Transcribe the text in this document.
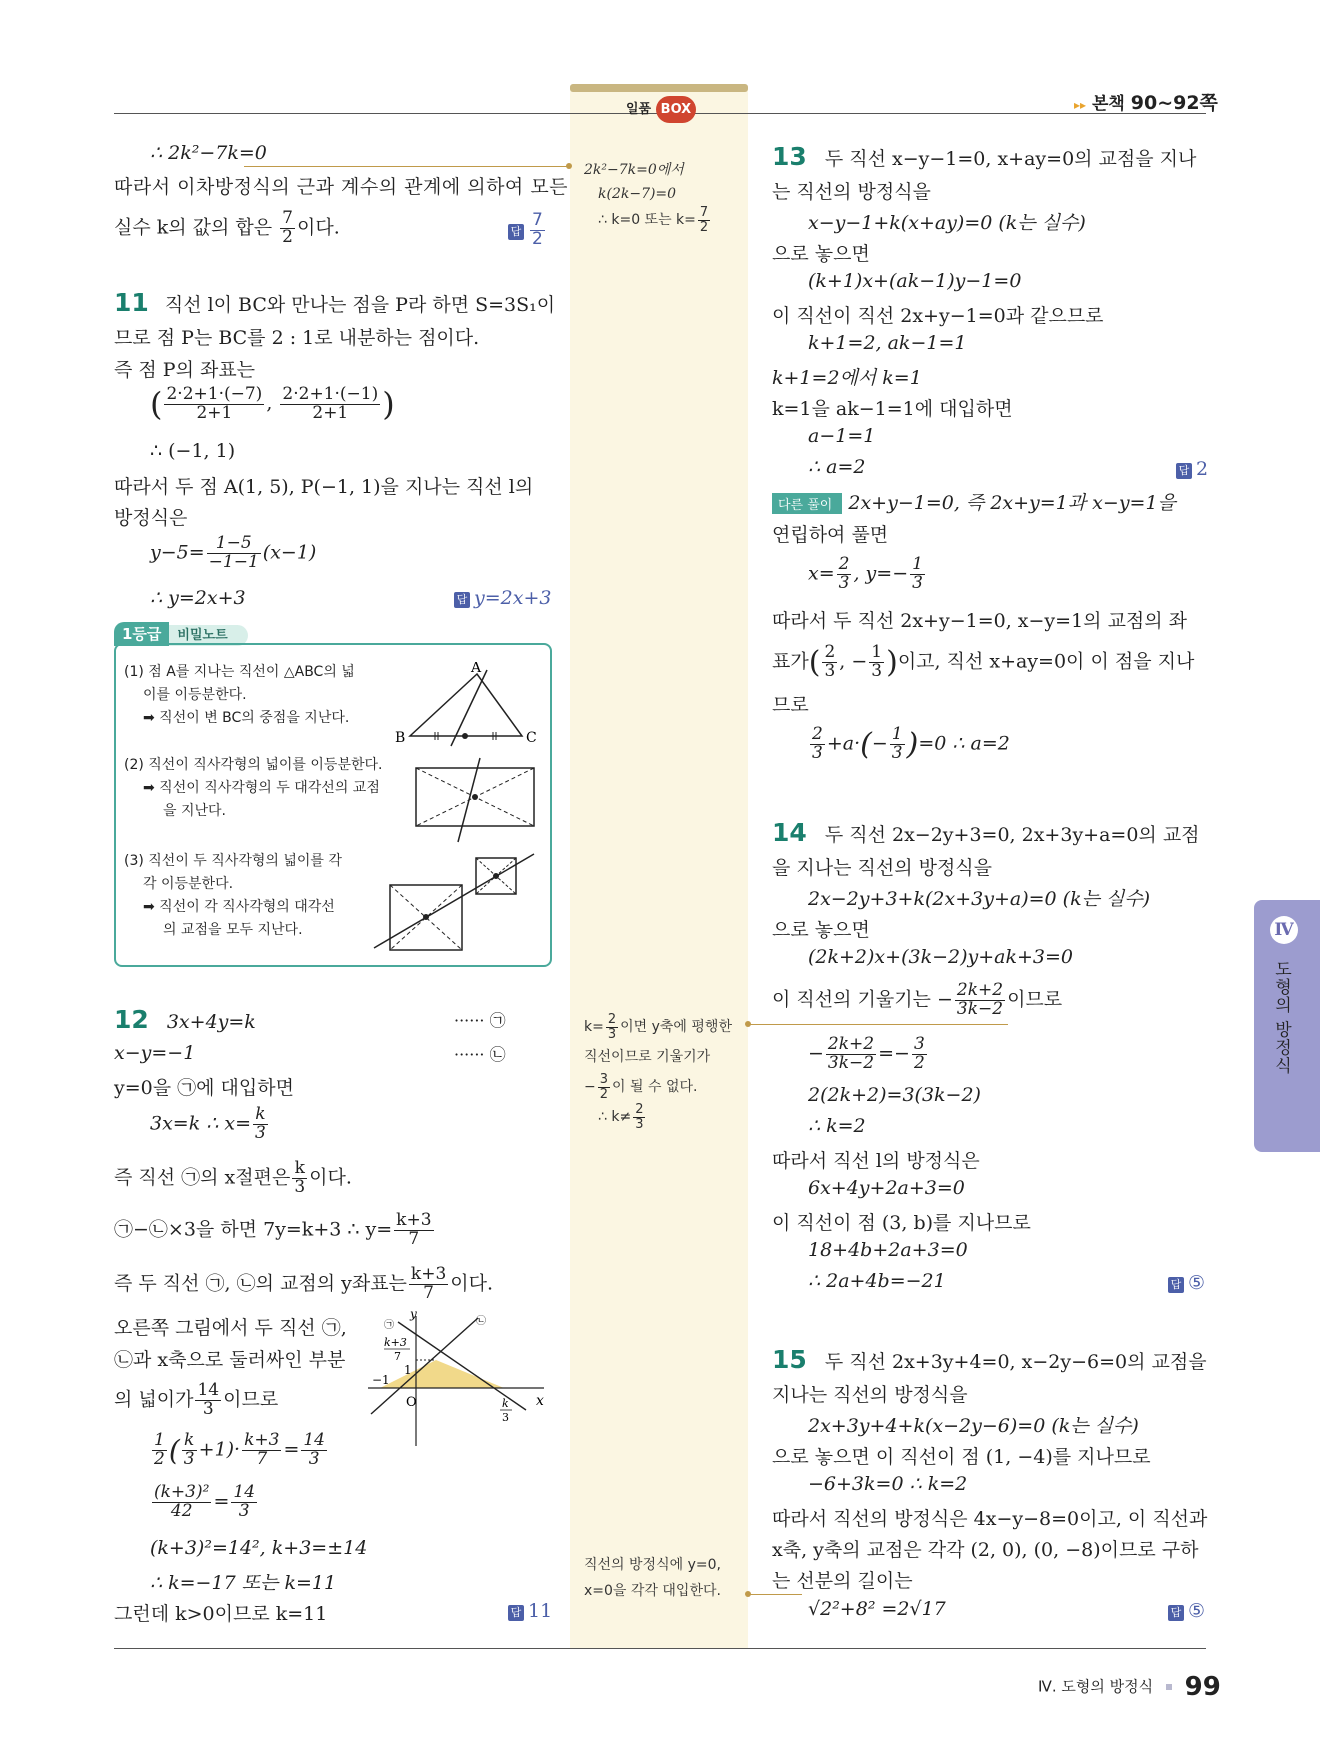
일품 BOX	▸▸ 본책 90~92쪽
∴ 2k²−7k=0
따라서 이차방정식의 근과 계수의 관계에 의하여 모든
실수 k의 값의 합은 $\frac{7}{2}$ 이다.	답 $\frac{7}{2}$
11 직선 l이 BC와 만나는 점을 P라 하면 S=3S₁이
므로 점 P는 BC를 2 : 1로 내분하는 점이다.
즉 점 P의 좌표는
( $\frac{2\cdot 2+1\cdot(-7)}{2+1}$ , $\frac{2\cdot 2+1\cdot(-1)}{2+1}$ )
∴ (−1, 1)
따라서 두 점 A(1, 5), P(−1, 1)을 지나는 직선 l의
방정식은
$y-5= \frac{1-5}{-1-1} (x-1)$
∴ y=2x+3	답 y=2x+3
1등급 비밀노트
(1) 점 A를 지나는 직선이 △ABC의 넓
이를 이등분한다.
➡ 직선이 변 BC의 중점을 지난다.
(2) 직선이 직사각형의 넓이를 이등분한다.
➡ 직선이 직사각형의 두 대각선의 교점
을 지난다.
(3) 직선이 두 직사각형의 넓이를 각
각 이등분한다.
➡ 직선이 각 직사각형의 대각선
의 교점을 모두 지난다.
A
B	C
12 3x+4y=k	······ ㉠
x−y=−1	······ ㉡
y=0을 ㉠에 대입하면
3x=k ∴ $x= \frac{k}{3}$
즉 직선 ㉠의 x절편은 $\frac{k}{3}$ 이다.
㉠−㉡×3을 하면 7y=k+3 ∴ $y= \frac{k+3}{7}$
즉 두 직선 ㉠, ㉡의 교점의 y좌표는 $\frac{k+3}{7}$ 이다.
오른쪽 그림에서 두 직선 ㉠,
㉡과 x축으로 둘러싸인 부분
의 넓이가 $\frac{14}{3}$ 이므로
$\frac{1}{2}$ ( $\frac{k}{3} +1)\cdot \frac{k+3}{7} = \frac{14}{3}$
$\frac{\text{(k+3)²}}{42} = \frac{14}{3}$
(k+3)²=14², k+3=±14
∴ k=−17 또는 k=11
그런데 k>0이므로 k=11	답 11
y
x
O
−1
1
k+3
7
k
3
㉠	㉡
2k²−7k=0에서
k(2k−7)=0
∴ k=0 또는 $k= \frac{7}{2}$
$k= \frac{2}{3}$ 이면 y축에 평행한
직선이므로 기울기가
− $\frac{3}{2}$ 이 될 수 없다.
∴ $k\ne \frac{2}{3}$
직선의 방정식에 y=0,
x=0을 각각 대입한다.
13 두 직선 x−y−1=0, x+ay=0의 교점을 지나
는 직선의 방정식을
x−y−1+k(x+ay)=0 (k는 실수)
으로 놓으면
(k+1)x+(ak−1)y−1=0
이 직선이 직선 2x+y−1=0과 같으므로
k+1=2, ak−1=1
k+1=2에서 k=1
k=1을 ak−1=1에 대입하면
a−1=1
∴ a=2	답 2
다른 풀이 2x+y−1=0, 즉 2x+y=1과 x−y=1을
연립하여 풀면
$x= \frac{2}{3}$ , $y=- \frac{1}{3}$
따라서 두 직선 2x+y−1=0, x−y=1의 교점의 좌
표가( $\frac{2}{3}$ , − $\frac{1}{3}$ )이고, 직선 x+ay=0이 이 점을 지나
므로
$\frac{2}{3} +a\cdot(- \frac{1}{3} )=0$ ∴ a=2
14 두 직선 2x−2y+3=0, 2x+3y+a=0의 교점
을 지나는 직선의 방정식을
2x−2y+3+k(2x+3y+a)=0 (k는 실수)
으로 놓으면
(2k+2)x+(3k−2)y+ak+3=0
이 직선의 기울기는 − $\frac{2k+2}{3k-2}$ 이므로
− $\frac{2k+2}{3k-2} =- \frac{3}{2}$
2(2k+2)=3(3k−2)
∴ k=2
따라서 직선 l의 방정식은
6x+4y+2a+3=0
이 직선이 점 (3, b)를 지나므로
18+4b+2a+3=0
∴ 2a+4b=−21	답 ⑤
15 두 직선 2x+3y+4=0, x−2y−6=0의 교점을
지나는 직선의 방정식을
2x+3y+4+k(x−2y−6)=0 (k는 실수)
으로 놓으면 이 직선이 점 (1, −4)를 지나므로
−6+3k=0 ∴ k=2
따라서 직선의 방정식은 4x−y−8=0이고, 이 직선과
x축, y축의 교점은 각각 (2, 0), (0, −8)이므로 구하
는 선분의 길이는
√2²+8² =2√17	답 ⑤
Ⅳ
도형의 방정식
Ⅳ. 도형의 방정식 99
